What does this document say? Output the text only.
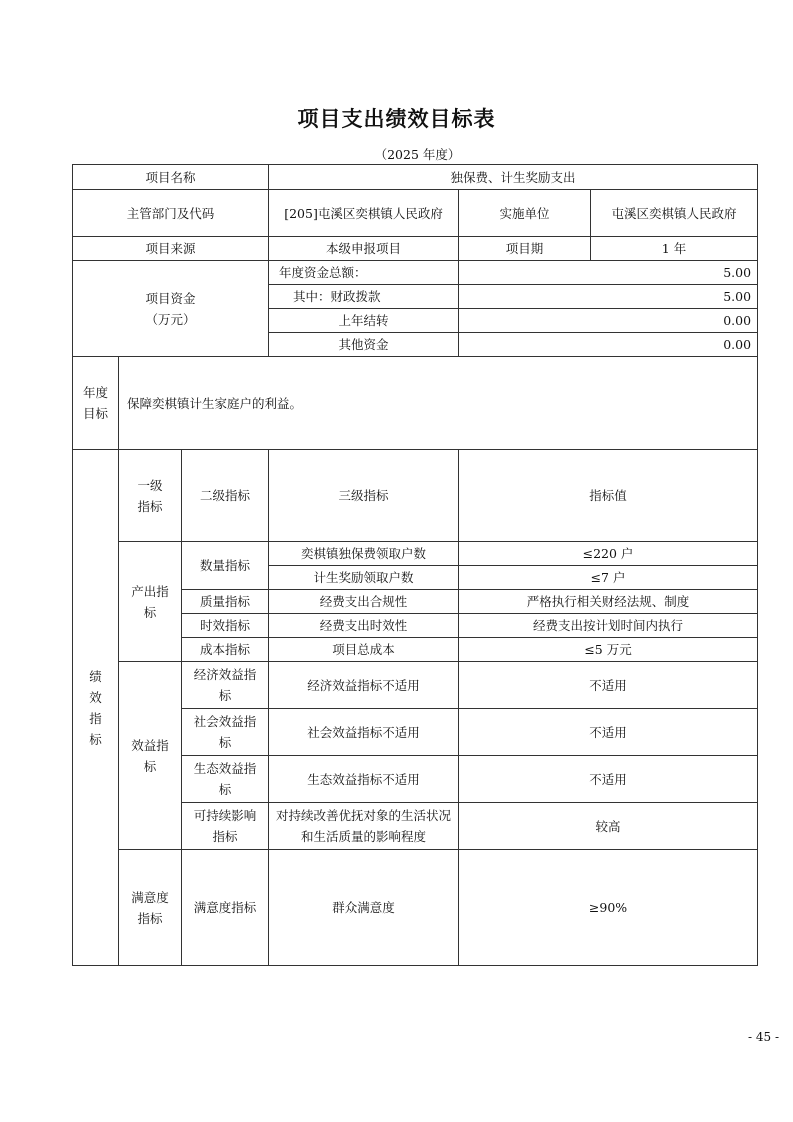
项目支出绩效目标表
（2025 年度）
项目名称			独保费、计生奖励支出		
主管部门及代码			[205]屯溪区奕棋镇人民政府	实施单位	屯溪区奕棋镇人民政府
项目来源			本级申报项目	项目期	1 年

项目资金
（万元）			年度资金总额：	5.00	
			其中：财政拨款	5.00	
			上年结转	0.00	
			其他资金	0.00	
年度目标	保障奕棋镇计生家庭户的利益。				
绩效指标	一级指标	二级指标	三级指标	指标值	
	产出指标	数量指标	奕棋镇独保费领取户数	≤220 户	
			计生奖励领取户数	≤7 户	
		质量指标	经费支出合规性	严格执行相关财经法规、制度	
		时效指标	经费支出时效性	经费支出按计划时间内执行	
		成本指标	项目总成本	≤5 万元	
	效益指标	经济效益指标	经济效益指标不适用	不适用	
		社会效益指标	社会效益指标不适用	不适用	
		生态效益指标	生态效益指标不适用	不适用	
		可持续影响指标	对持续改善优抚对象的生活状况和生活质量的影响程度	较高	
	满意度指标	满意度指标	群众满意度	≥90%	
- 45 -
